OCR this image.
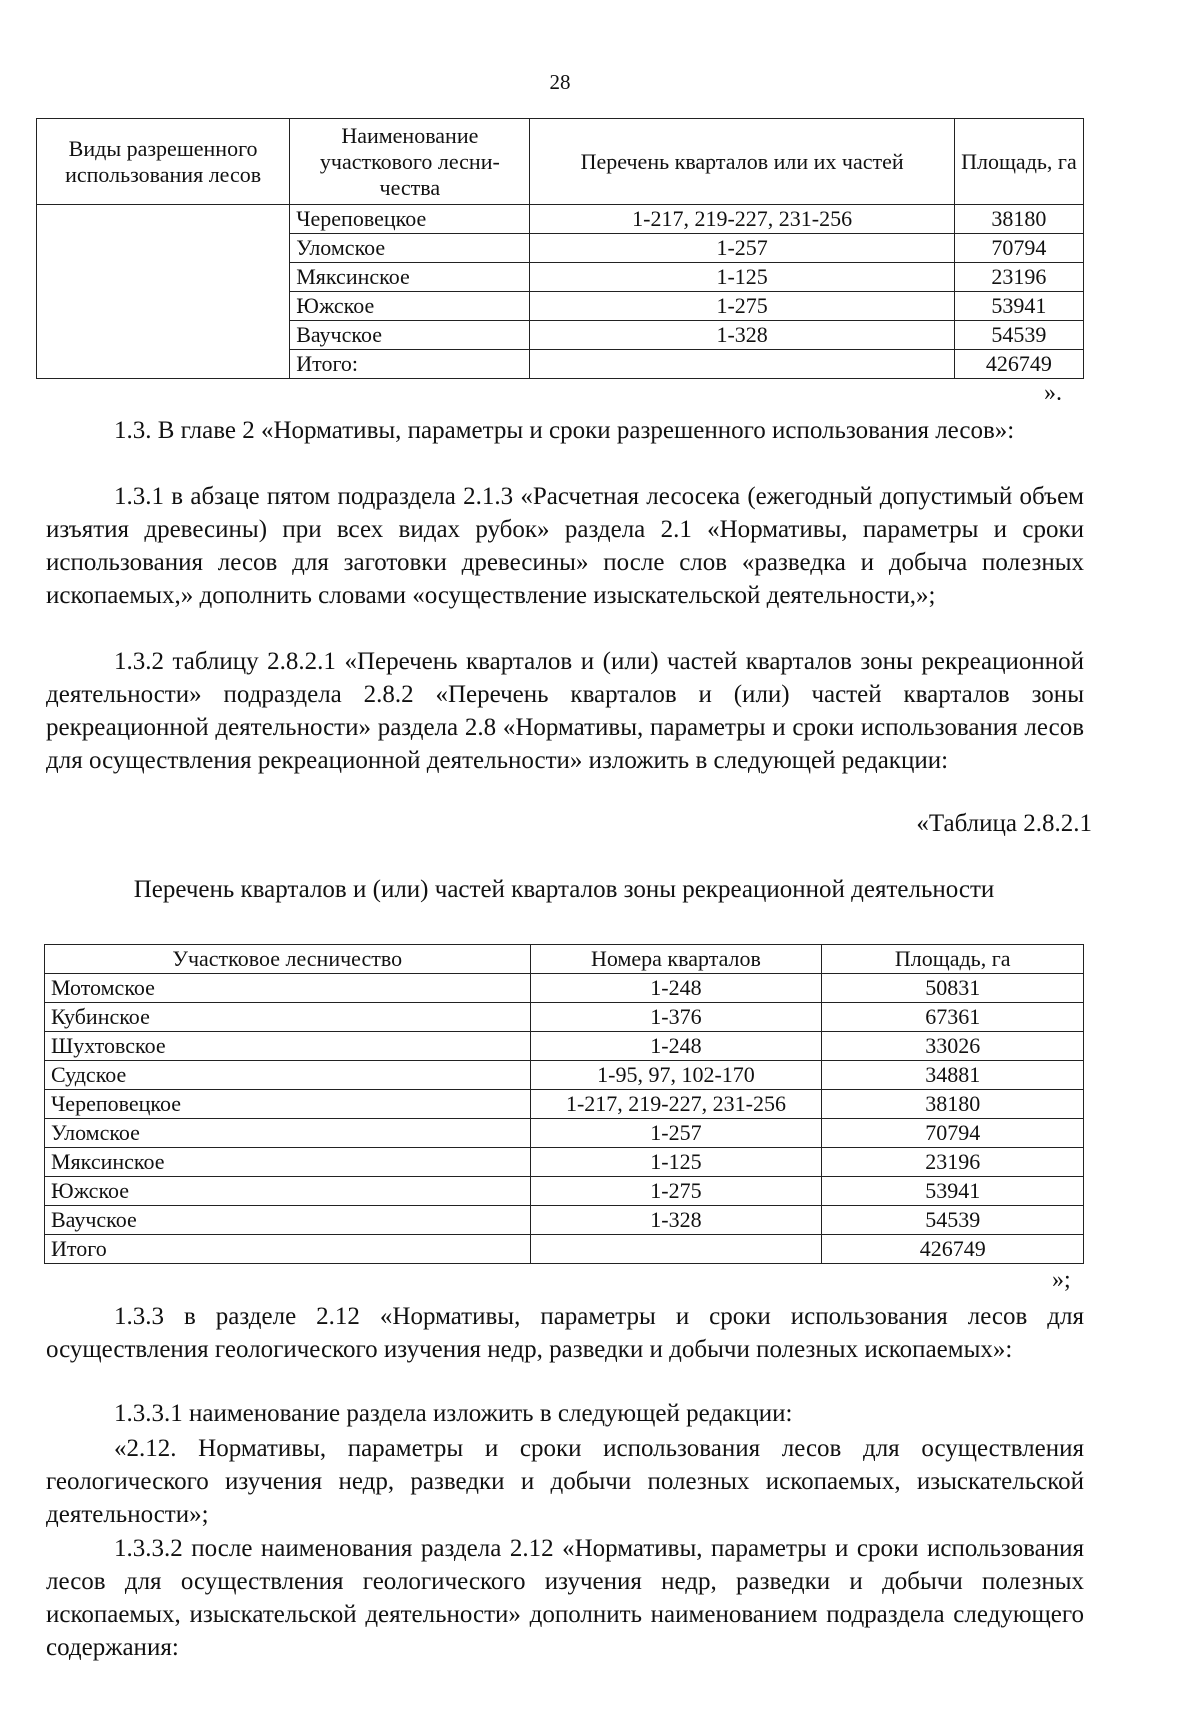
28
Виды разрешенного использования лесов	Наименование участкового лесни-чества	Перечень кварталов или их частей	Площадь, га
	Череповецкое	1-217, 219-227, 231-256	38180
	Уломское	1-257	70794
	Мяксинское	1-125	23196
	Южское	1-275	53941
	Ваучское	1-328	54539
	Итого:		426749
».
1.3. В главе 2 «Нормативы, параметры и сроки разрешенного использования лесов»:
1.3.1 в абзаце пятом подраздела 2.1.3 «Расчетная лесосека (ежегодный допустимый объем изъятия древесины) при всех видах рубок» раздела 2.1 «Нормативы, параметры и сроки использования лесов для заготовки древесины» после слов «разведка и добыча полезных ископаемых,» дополнить словами «осуществление изыскательской деятельности,»;
1.3.2 таблицу 2.8.2.1 «Перечень кварталов и (или) частей кварталов зоны рекреационной деятельности» подраздела 2.8.2 «Перечень кварталов и (или) частей кварталов зоны рекреационной деятельности» раздела 2.8 «Нормативы, параметры и сроки использования лесов для осуществления рекреационной деятельности» изложить в следующей редакции:
«Таблица 2.8.2.1
Перечень кварталов и (или) частей кварталов зоны рекреационной деятельности
Участковое лесничество	Номера кварталов	Площадь, га
Мотомское	1-248	50831
Кубинское	1-376	67361
Шухтовское	1-248	33026
Судское	1-95, 97, 102-170	34881
Череповецкое	1-217, 219-227, 231-256	38180
Уломское	1-257	70794
Мяксинское	1-125	23196
Южское	1-275	53941
Ваучское	1-328	54539
Итого		426749
»;
1.3.3 в разделе 2.12 «Нормативы, параметры и сроки использования лесов для осуществления геологического изучения недр, разведки и добычи полезных ископаемых»:
1.3.3.1 наименование раздела изложить в следующей редакции:
«2.12. Нормативы, параметры и сроки использования лесов для осуществления геологического изучения недр, разведки и добычи полезных ископаемых, изыскательской деятельности»;
1.3.3.2 после наименования раздела 2.12 «Нормативы, параметры и сроки использования лесов для осуществления геологического изучения недр, разведки и добычи полезных ископаемых, изыскательской деятельности» дополнить наименованием подраздела следующего содержания:
